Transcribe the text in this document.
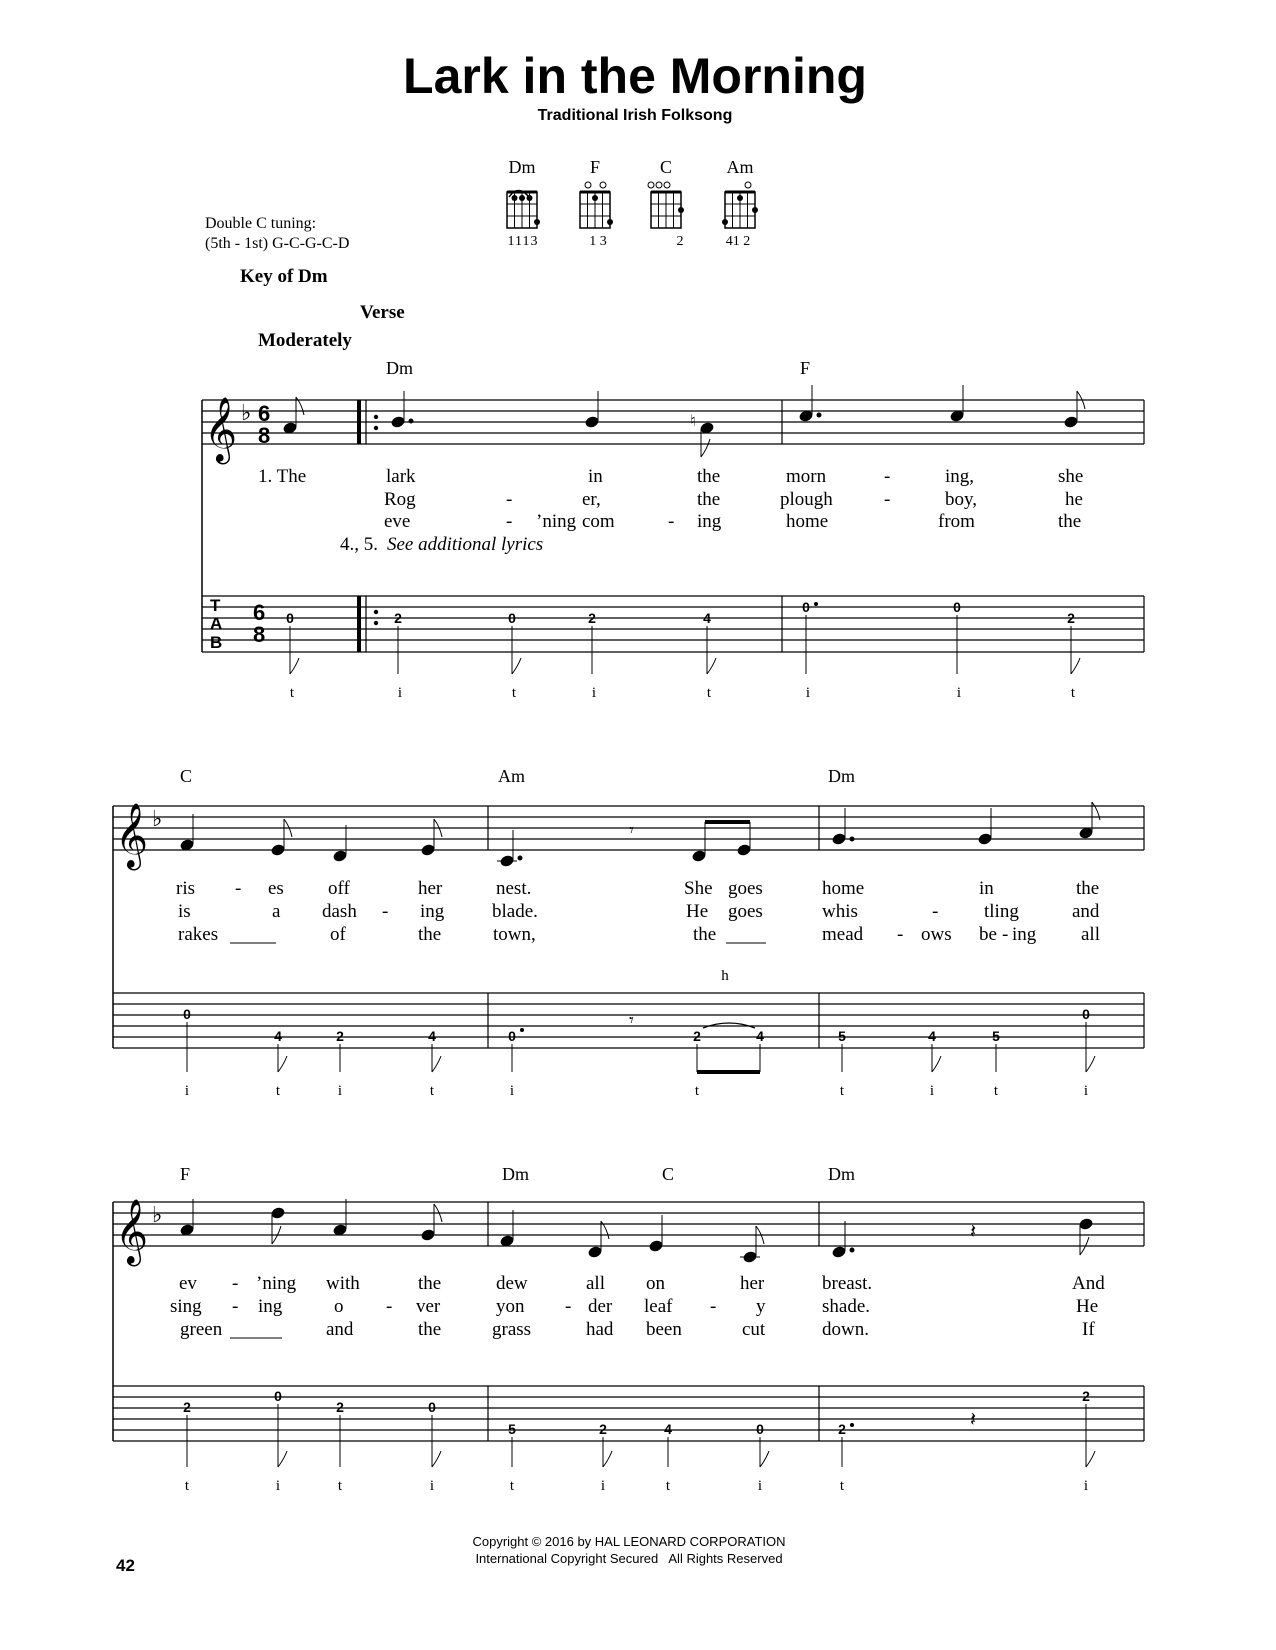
Lark in the Morning
Traditional Irish Folksong
Double C tuning:
(5th - 1st) G-C-G-C-D
Dm
1113
F
1 3
C
2
Am
41 2
Key of Dm
Verse
Moderately
Dm	F
𝄞 ♭ 6
8
♮
1. The	lark	in	the	morn	-	ing,	she
Rog	-	er,	the	plough	-	boy,	he
eve	- ’ning com	- ing	home	from	the
4., 5. See additional lyrics
T
A
B
6
8
0	2	0	2	4
0	0
2
t	i	t	i	t	i	i	t
C	Am	Dm
𝄞 ♭	𝄾
ris - es off	her	nest.	She goes	home	in	the
is	a dash - ing	blade.	He goes	whis	- tling	and
rakes	of	the	town,	the	mead - ows be - ing all
h
0
4	2	4	0	2	4	5	4	5
0
𝄾
i	t	i	t	i	t	t	i	t	i
F	Dm	C	Dm
𝄞 ♭
𝄽
ev - ’ning with	the	dew	all on	her	breast.	And
sing - ing	o - ver	yon - der leaf - y	shade.	He
green	and	the	grass	had been	cut	down.	If
2
0
2	0
5	2	4	0	2
2
𝄽
t	i	t	i	t	i	t	i	t	i
42
Copyright © 2016 by HAL LEONARD CORPORATION
International Copyright Secured   All Rights Reserved
